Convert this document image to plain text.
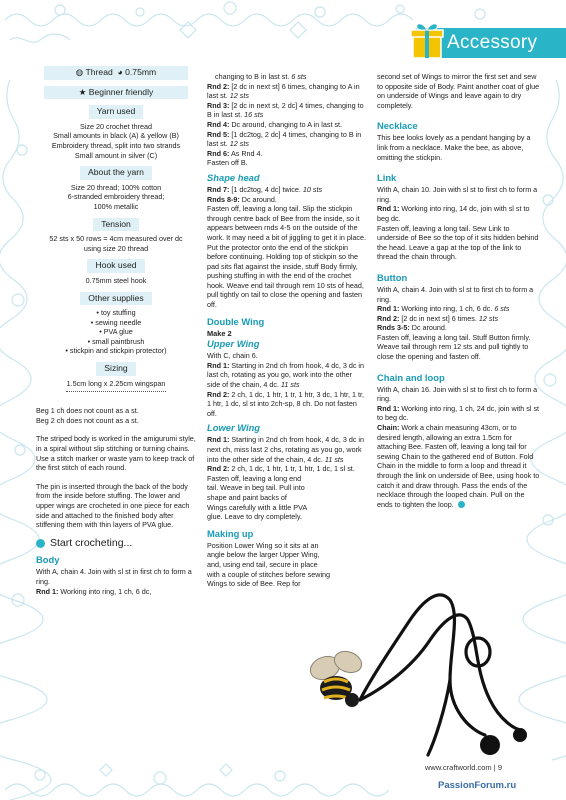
Accessory
◍ Thread ◕ 0.75mm
★ Beginner friendly
Yarn used
Size 20 crochet thread
Small amounts in black (A) & yellow (B)
Embroidery thread, split into two strands
Small amount in silver (C)
About the yarn
Size 20 thread; 100% cotton
6-stranded embroidery thread;
100% metallic
Tension
52 sts x 50 rows = 4cm measured over dc
using size 20 thread
Hook used
0.75mm steel hook
Other supplies
• toy stuffing
• sewing needle
• PVA glue
• small paintbrush
• stickpin and stickpin protector)
Sizing
1.5cm long x 2.25cm wingspan

Beg 1 ch does not count as a st.
Beg 2 ch does not count as a st.

The striped body is worked in the amigurumi style, in a spiral without slip stitching or turning chains. Use a stitch marker or waste yarn to keep track of the first stitch of each round.

The pin is inserted through the back of the body from the inside before stuffing. The lower and upper wings are crocheted in one piece for each side and attached to the finished body after stiffening them with thin layers of PVA glue.

Start crocheting...
Body
With A, chain 4. Join with sl st in first ch to form a ring.
Rnd 1: Working into ring, 1 ch, 6 dc,
changing to B in last st. 6 sts
Rnd 2: [2 dc in next st] 6 times, changing to A in last st. 12 sts
Rnd 3: [2 dc in next st, 2 dc] 4 times, changing to B in last st. 16 sts
Rnd 4: Dc around, changing to A in last st.
Rnd 5: [1 dc2tog, 2 dc] 4 times, changing to B in last st. 12 sts
Rnd 6: As Rnd 4.
Fasten off B.
Shape head
Rnd 7: [1 dc2tog, 4 dc] twice. 10 sts
Rnds 8-9: Dc around.
Fasten off, leaving a long tail. Slip the stickpin through centre back of Bee from the inside, so it appears between rnds 4-5 on the outside of the work. It may need a bit of jiggling to get it in place. Put the protector onto the end of the stickpin before continuing. Holding top of stickpin so the pad sits flat against the inside, stuff Body firmly, pushing stuffing in with the end of the crochet hook. Weave end tail through rem 10 sts of head, pull tightly on tail to close the opening and fasten off.
Double Wing
Make 2
Upper Wing
With C, chain 6.
Rnd 1: Starting in 2nd ch from hook, 4 dc, 3 dc in last ch, rotating as you go, work into the other side of the chain, 4 dc. 11 sts
Rnd 2: 2 ch, 1 dc, 1 htr, 1 tr, 1 htr, 3 dc, 1 htr, 1 tr, 1 htr, 1 dc, sl st into 2ch-sp, 8 ch. Do not fasten off.
Lower Wing
Rnd 1: Starting in 2nd ch from hook, 4 dc, 3 dc in next ch, miss last 2 chs, rotating as you go, work into the other side of the chain, 4 dc. 11 sts
Rnd 2: 2 ch, 1 dc, 1 htr, 1 tr, 1 htr, 1 dc, 1 sl st.
Fasten off, leaving a long end tail. Weave in beg tail. Pull into shape and paint backs of Wings carefully with a little PVA glue. Leave to dry completely.
Making up
Position Lower Wing so it sits at an angle below the larger Upper Wing, and, using end tail, secure in place with a couple of stitches before sewing Wings to side of Bee. Rep for
second set of Wings to mirror the first set and sew to opposite side of Body. Paint another coat of glue on underside of Wings and leave again to dry completely.
Necklace
This bee looks lovely as a pendant hanging by a link from a necklace. Make the bee, as above, omitting the stickpin.
Link
With A, chain 10. Join with sl st to first ch to form a ring.
Rnd 1: Working into ring, 14 dc, join with sl st to beg dc.
Fasten off, leaving a long tail. Sew Link to underside of Bee so the top of it sits hidden behind the head. Leave a gap at the top of the link to thread the chain through.
Button
With A, chain 4. Join with sl st to first ch to form a ring.
Rnd 1: Working into ring, 1 ch, 6 dc. 6 sts
Rnd 2: [2 dc in next st] 6 times. 12 sts
Rnds 3-5: Dc around.
Fasten off, leaving a long tail. Stuff Button firmly. Weave tail through rem 12 sts and pull tightly to close the opening and fasten off.
Chain and loop
With A, chain 16. Join with sl st to first ch to form a ring.
Rnd 1: Working into ring, 1 ch, 24 dc, join with sl st to beg dc.
Chain: Work a chain measuring 43cm, or to desired length, allowing an extra 1.5cm for attaching Bee. Fasten off, leaving a long tail for sewing Chain to the gathered end of Button. Fold Chain in the middle to form a loop and thread it through the link on underside of Bee, using hook to catch it and draw through. Pass the ends of the necklace through the looped chain. Pull on the ends to tighten the loop.
www.craftworld.com | 9
PassionForum.ru
